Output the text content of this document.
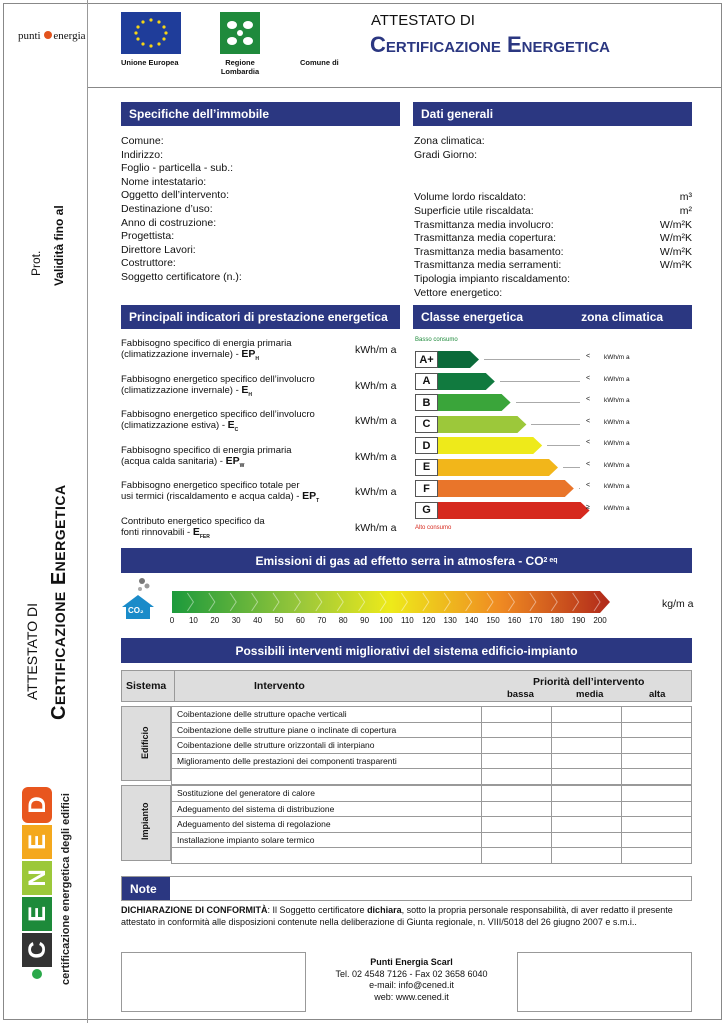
punti energia
Prot. Validità fino al
ATTESTATO DI Certificazione Energetica
D
E
N
E
C certificazione energetica degli edifici
Unione Europea	Regione Lombardia
Comune di
ATTESTATO DI
Certificazione Energetica
Specifiche dell’immobile
Comune:
Indirizzo:
Foglio - particella - sub.:
Nome intestatario:
Oggetto dell’intervento:
Destinazione d’uso:
Anno di costruzione:
Progettista:
Direttore Lavori:
Costruttore:
Soggetto certificatore (n.):
Dati generali
Zona climatica:
Gradi Giorno:
Volume lordo riscaldato:	m³
Superficie utile riscaldata:	m²
Trasmittanza media involucro:	W/m²K
Trasmittanza media copertura:	W/m²K
Trasmittanza media basamento:	W/m²K
Trasmittanza media serramenti:	W/m²K
Tipologia impianto riscaldamento:
Vettore energetico:
Principali indicatori di prestazione energetica
Fabbisogno specifico di energia primaria
(climatizzazione invernale) - $EP_H$
kWh/m a
Fabbisogno energetico specifico dell’involucro
(climatizzazione invernale) - $E_H$
kWh/m a
Fabbisogno energetico specifico dell’involucro
(climatizzazione estiva) - $E_C$
kWh/m a
Fabbisogno specifico di energia primaria
(acqua calda sanitaria) - $EP_W$
kWh/m a
Fabbisogno energetico specifico totale per
usi termici (riscaldamento e acqua calda) - $EP_T$
kWh/m a
Contributo energetico specifico da
fonti rinnovabili - $E_{FER}$
kWh/m a
Classe energetica	zona climatica
Basso consumo
A+	< kWh/m a
A	< kWh/m a
B	< kWh/m a
C	< kWh/m a
D	< kWh/m a
E	< kWh/m a
F	< kWh/m a
G	≥ kWh/m a
Alto consumo
Emissioni di gas ad effetto serra in atmosfera - CO 2 eq
CO₂
kg/m a
0	10	20	30	40	50	60	70	80	90	100	110	120	130	140	150	160	170	180	190	200
Possibili interventi migliorativi del sistema edificio-impianto
Sistema	Intervento	Priorità dell’intervento
bassa	media	alta
Edificio
Coibentazione delle strutture opache verticali			
Coibentazione delle strutture piane o inclinate di copertura			
Coibentazione delle strutture orizzontali di interpiano			
Miglioramento delle prestazioni dei componenti trasparenti			

Impianto
Sostituzione del generatore di calore			
Adeguamento del sistema di distribuzione			
Adeguamento del sistema di regolazione			
Installazione impianto solare termico			

Note
DICHIARAZIONE DI CONFORMITÀ: Il Soggetto certificatore dichiara, sotto la propria personale responsabilità, di aver redatto il presente attestato in conformità alle disposizioni contenute nella deliberazione di Giunta regionale, n. VIII/5018 del 26 giugno 2007 e s.m.i..
Punti Energia Scarl
Tel. 02 4548 7126 - Fax 02 3658 6040
e-mail: info@cened.it
web: www.cened.it
